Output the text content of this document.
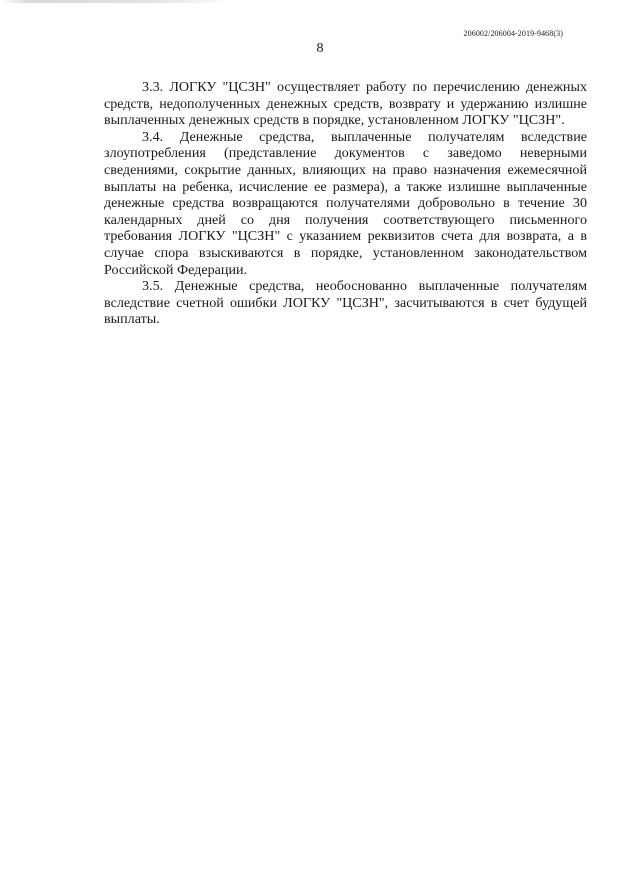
206002/206004-2019-9468(3)
8

3.3. ЛОГКУ "ЦСЗН" осуществляет работу по перечислению денежных средств, недополученных денежных средств, возврату и удержанию излишне выплаченных денежных средств в порядке, установленном ЛОГКУ "ЦСЗН".

3.4. Денежные средства, выплаченные получателям вследствие злоупотребления (представление документов с заведомо неверными сведениями, сокрытие данных, влияющих на право назначения ежемесячной выплаты на ребенка, исчисление ее размера), а также излишне выплаченные денежные средства возвращаются получателями добровольно в течение 30 календарных дней со дня получения соответствующего письменного требования ЛОГКУ "ЦСЗН" с указанием реквизитов счета для возврата, а в случае спора взыскиваются в порядке, установленном законодательством Российской Федерации.

3.5. Денежные средства, необоснованно выплаченные получателям вследствие счетной ошибки ЛОГКУ "ЦСЗН", засчитываются в счет будущей выплаты.
